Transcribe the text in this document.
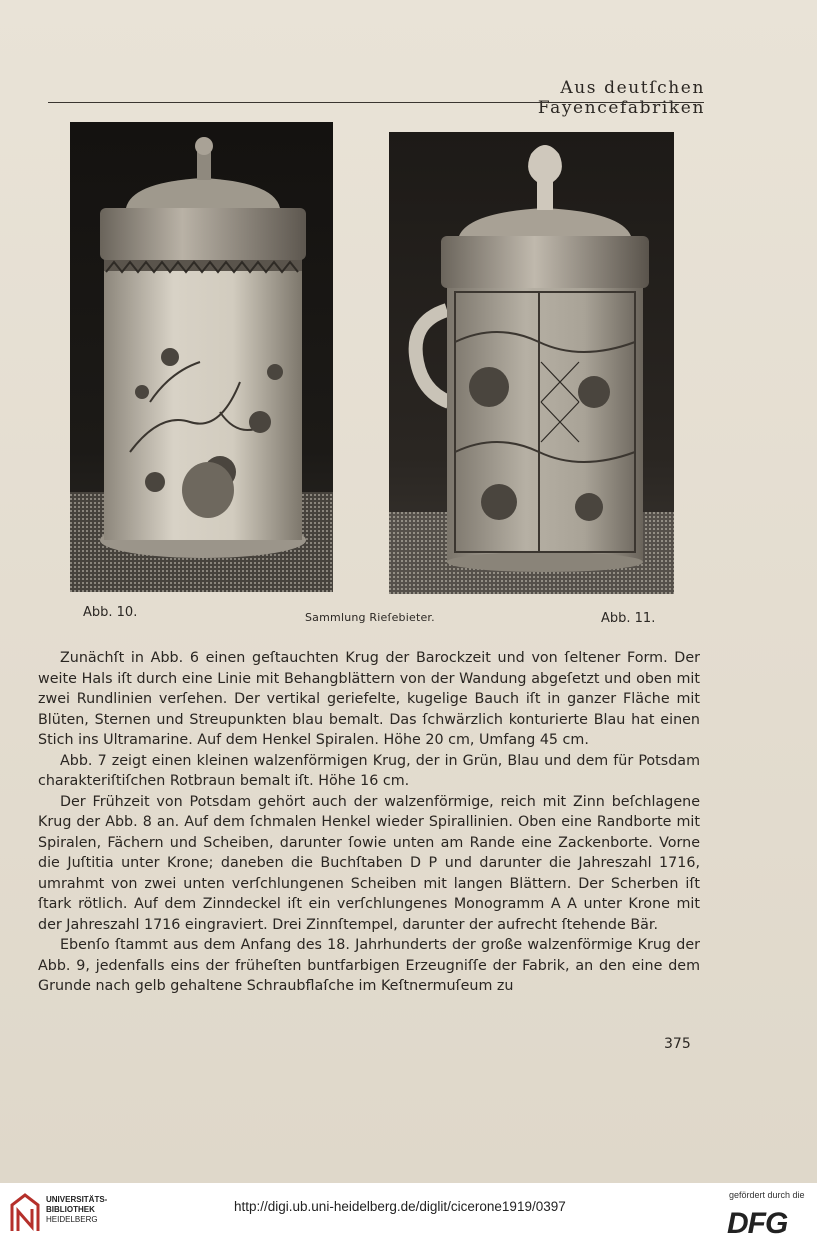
Aus deutſchen Fayencefabriken
Abb. 10.	Sammlung Rieſebieter.	Abb. 11.

Zunächſt in Abb. 6 einen geſtauchten Krug der Barockzeit und von ſeltener Form. Der weite Hals iſt durch eine Linie mit Behangblättern von der Wandung abgeſetzt und oben mit zwei Rundlinien verſehen. Der vertikal geriefelte, kugelige Bauch iſt in ganzer Fläche mit Blüten, Sternen und Streupunkten blau bemalt. Das ſchwärzlich konturierte Blau hat einen Stich ins Ultramarine. Auf dem Henkel Spiralen. Höhe 20 cm, Umfang 45 cm.

Abb. 7 zeigt einen kleinen walzenförmigen Krug, der in Grün, Blau und dem für Potsdam charakteriſtiſchen Rotbraun bemalt iſt. Höhe 16 cm.

Der Frühzeit von Potsdam gehört auch der walzenförmige, reich mit Zinn beſchlagene Krug der Abb. 8 an. Auf dem ſchmalen Henkel wieder Spirallinien. Oben eine Randborte mit Spiralen, Fächern und Scheiben, darunter ſowie unten am Rande eine Zackenborte. Vorne die Juſtitia unter Krone; daneben die Buchſtaben D P und darunter die Jahreszahl 1716, umrahmt von zwei unten verſchlungenen Scheiben mit langen Blättern. Der Scherben iſt ſtark rötlich. Auf dem Zinndeckel iſt ein verſchlungenes Monogramm A A unter Krone mit der Jahreszahl 1716 eingraviert. Drei Zinnſtempel, darunter der aufrecht ſtehende Bär.

Ebenſo ſtammt aus dem Anfang des 18. Jahrhunderts der große walzenförmige Krug der Abb. 9, jedenfalls eins der früheſten buntfarbigen Erzeugniſſe der Fabrik, an den eine dem Grunde nach gelb gehaltene Schraubflaſche im Keſtnermuſeum zu

375
UNIVERSITÄTS-
BIBLIOTHEK
HEIDELBERG
http://digi.ub.uni-heidelberg.de/diglit/cicerone1919/0397
gefördert durch die
DFG
